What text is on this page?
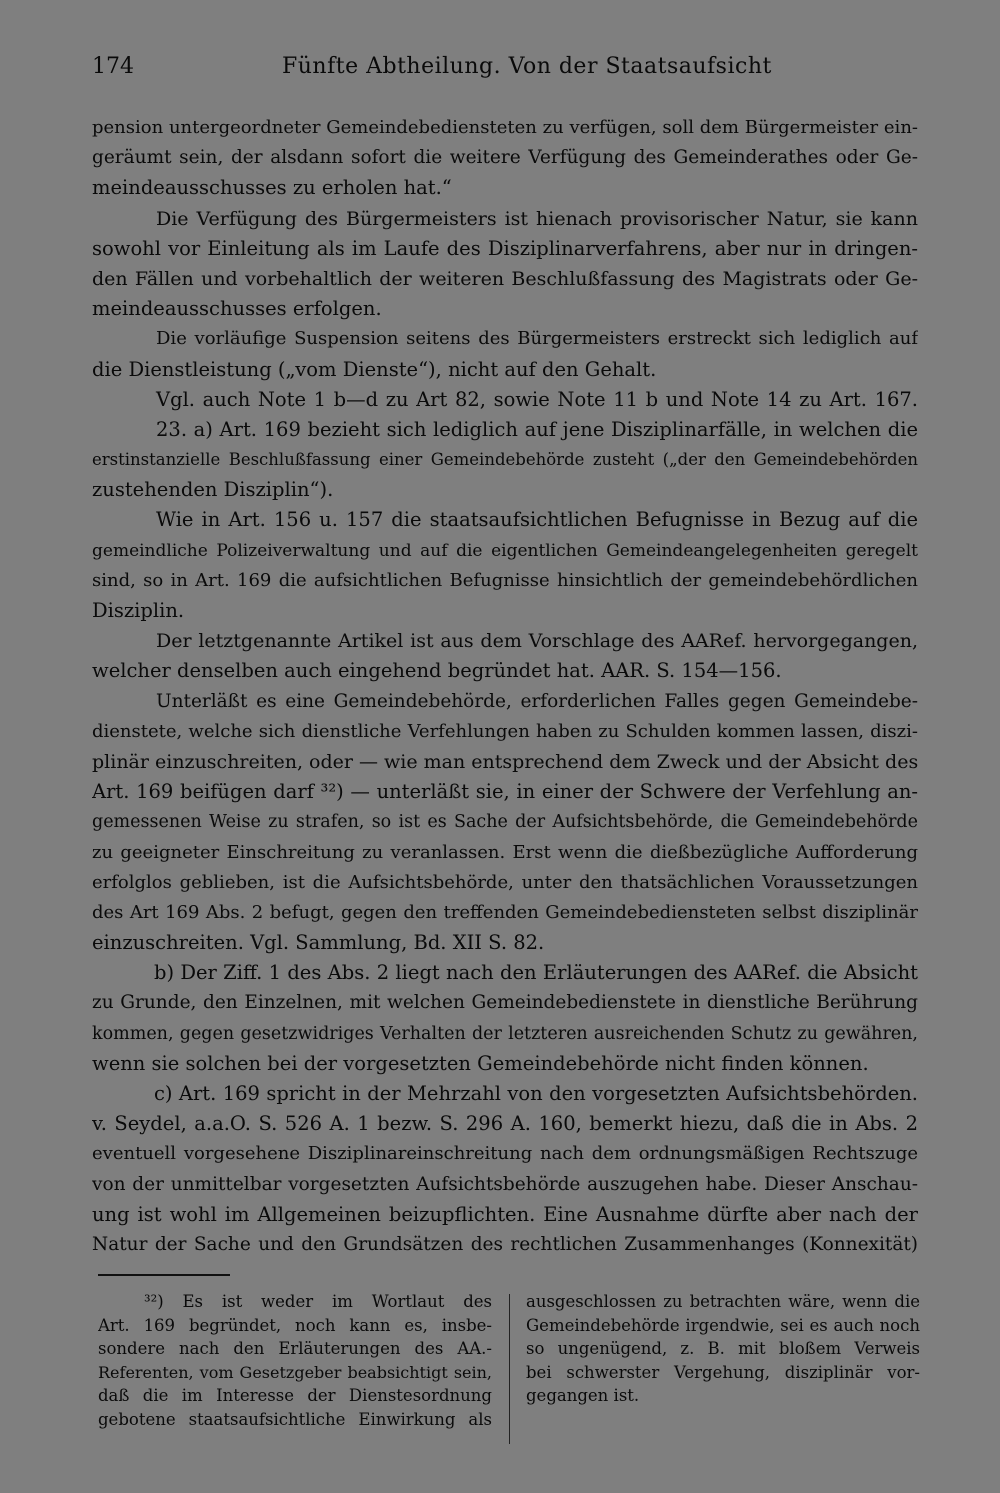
174	Fünfte Abtheilung. Von der Staatsaufsicht
pension untergeordneter Gemeindebediensteten zu verfügen, soll dem Bürgermeister ein-
geräumt sein, der alsdann sofort die weitere Verfügung des Gemeinderathes oder Ge-
meindeausschusses zu erholen hat.“
Die Verfügung des Bürgermeisters ist hienach provisorischer Natur, sie kann
sowohl vor Einleitung als im Laufe des Disziplinarverfahrens, aber nur in dringen-
den Fällen und vorbehaltlich der weiteren Beschlußfassung des Magistrats oder Ge-
meindeausschusses erfolgen.
Die vorläufige Suspension seitens des Bürgermeisters erstreckt sich lediglich auf
die Dienstleistung („vom Dienste“), nicht auf den Gehalt.
Vgl. auch Note 1 b—d zu Art 82, sowie Note 11 b und Note 14 zu Art. 167.
23. a) Art. 169 bezieht sich lediglich auf jene Disziplinarfälle, in welchen die
erstinstanzielle Beschlußfassung einer Gemeindebehörde zusteht („der den Gemeindebehörden
zustehenden Disziplin“).
Wie in Art. 156 u. 157 die staatsaufsichtlichen Befugnisse in Bezug auf die
gemeindliche Polizeiverwaltung und auf die eigentlichen Gemeindeangelegenheiten geregelt
sind, so in Art. 169 die aufsichtlichen Befugnisse hinsichtlich der gemeindebehördlichen
Disziplin.
Der letztgenannte Artikel ist aus dem Vorschlage des AARef. hervorgegangen,
welcher denselben auch eingehend begründet hat. AAR. S. 154—156.
Unterläßt es eine Gemeindebehörde, erforderlichen Falles gegen Gemeindebe-
dienstete, welche sich dienstliche Verfehlungen haben zu Schulden kommen lassen, diszi-
plinär einzuschreiten, oder — wie man entsprechend dem Zweck und der Absicht des
Art. 169 beifügen darf ³²) — unterläßt sie, in einer der Schwere der Verfehlung an-
gemessenen Weise zu strafen, so ist es Sache der Aufsichtsbehörde, die Gemeindebehörde
zu geeigneter Einschreitung zu veranlassen. Erst wenn die dießbezügliche Aufforderung
erfolglos geblieben, ist die Aufsichtsbehörde, unter den thatsächlichen Voraussetzungen
des Art 169 Abs. 2 befugt, gegen den treffenden Gemeindebediensteten selbst disziplinär
einzuschreiten. Vgl. Sammlung, Bd. XII S. 82.
b) Der Ziff. 1 des Abs. 2 liegt nach den Erläuterungen des AARef. die Absicht
zu Grunde, den Einzelnen, mit welchen Gemeindebedienstete in dienstliche Berührung
kommen, gegen gesetzwidriges Verhalten der letzteren ausreichenden Schutz zu gewähren,
wenn sie solchen bei der vorgesetzten Gemeindebehörde nicht finden können.
c) Art. 169 spricht in der Mehrzahl von den vorgesetzten Aufsichtsbehörden.
v. Seydel, a.a.O. S. 526 A. 1 bezw. S. 296 A. 160, bemerkt hiezu, daß die in Abs. 2
eventuell vorgesehene Disziplinareinschreitung nach dem ordnungsmäßigen Rechtszuge
von der unmittelbar vorgesetzten Aufsichtsbehörde auszugehen habe. Dieser Anschau-
ung ist wohl im Allgemeinen beizupflichten. Eine Ausnahme dürfte aber nach der
Natur der Sache und den Grundsätzen des rechtlichen Zusammenhanges (Konnexität)
³²) Es ist weder im Wortlaut des
Art. 169 begründet, noch kann es, insbe-
sondere nach den Erläuterungen des AA.-
Referenten, vom Gesetzgeber beabsichtigt sein,
daß die im Interesse der Dienstesordnung
gebotene staatsaufsichtliche Einwirkung als
ausgeschlossen zu betrachten wäre, wenn die
Gemeindebehörde irgendwie, sei es auch noch
so ungenügend, z. B. mit bloßem Verweis
bei schwerster Vergehung, disziplinär vor-
gegangen ist.
